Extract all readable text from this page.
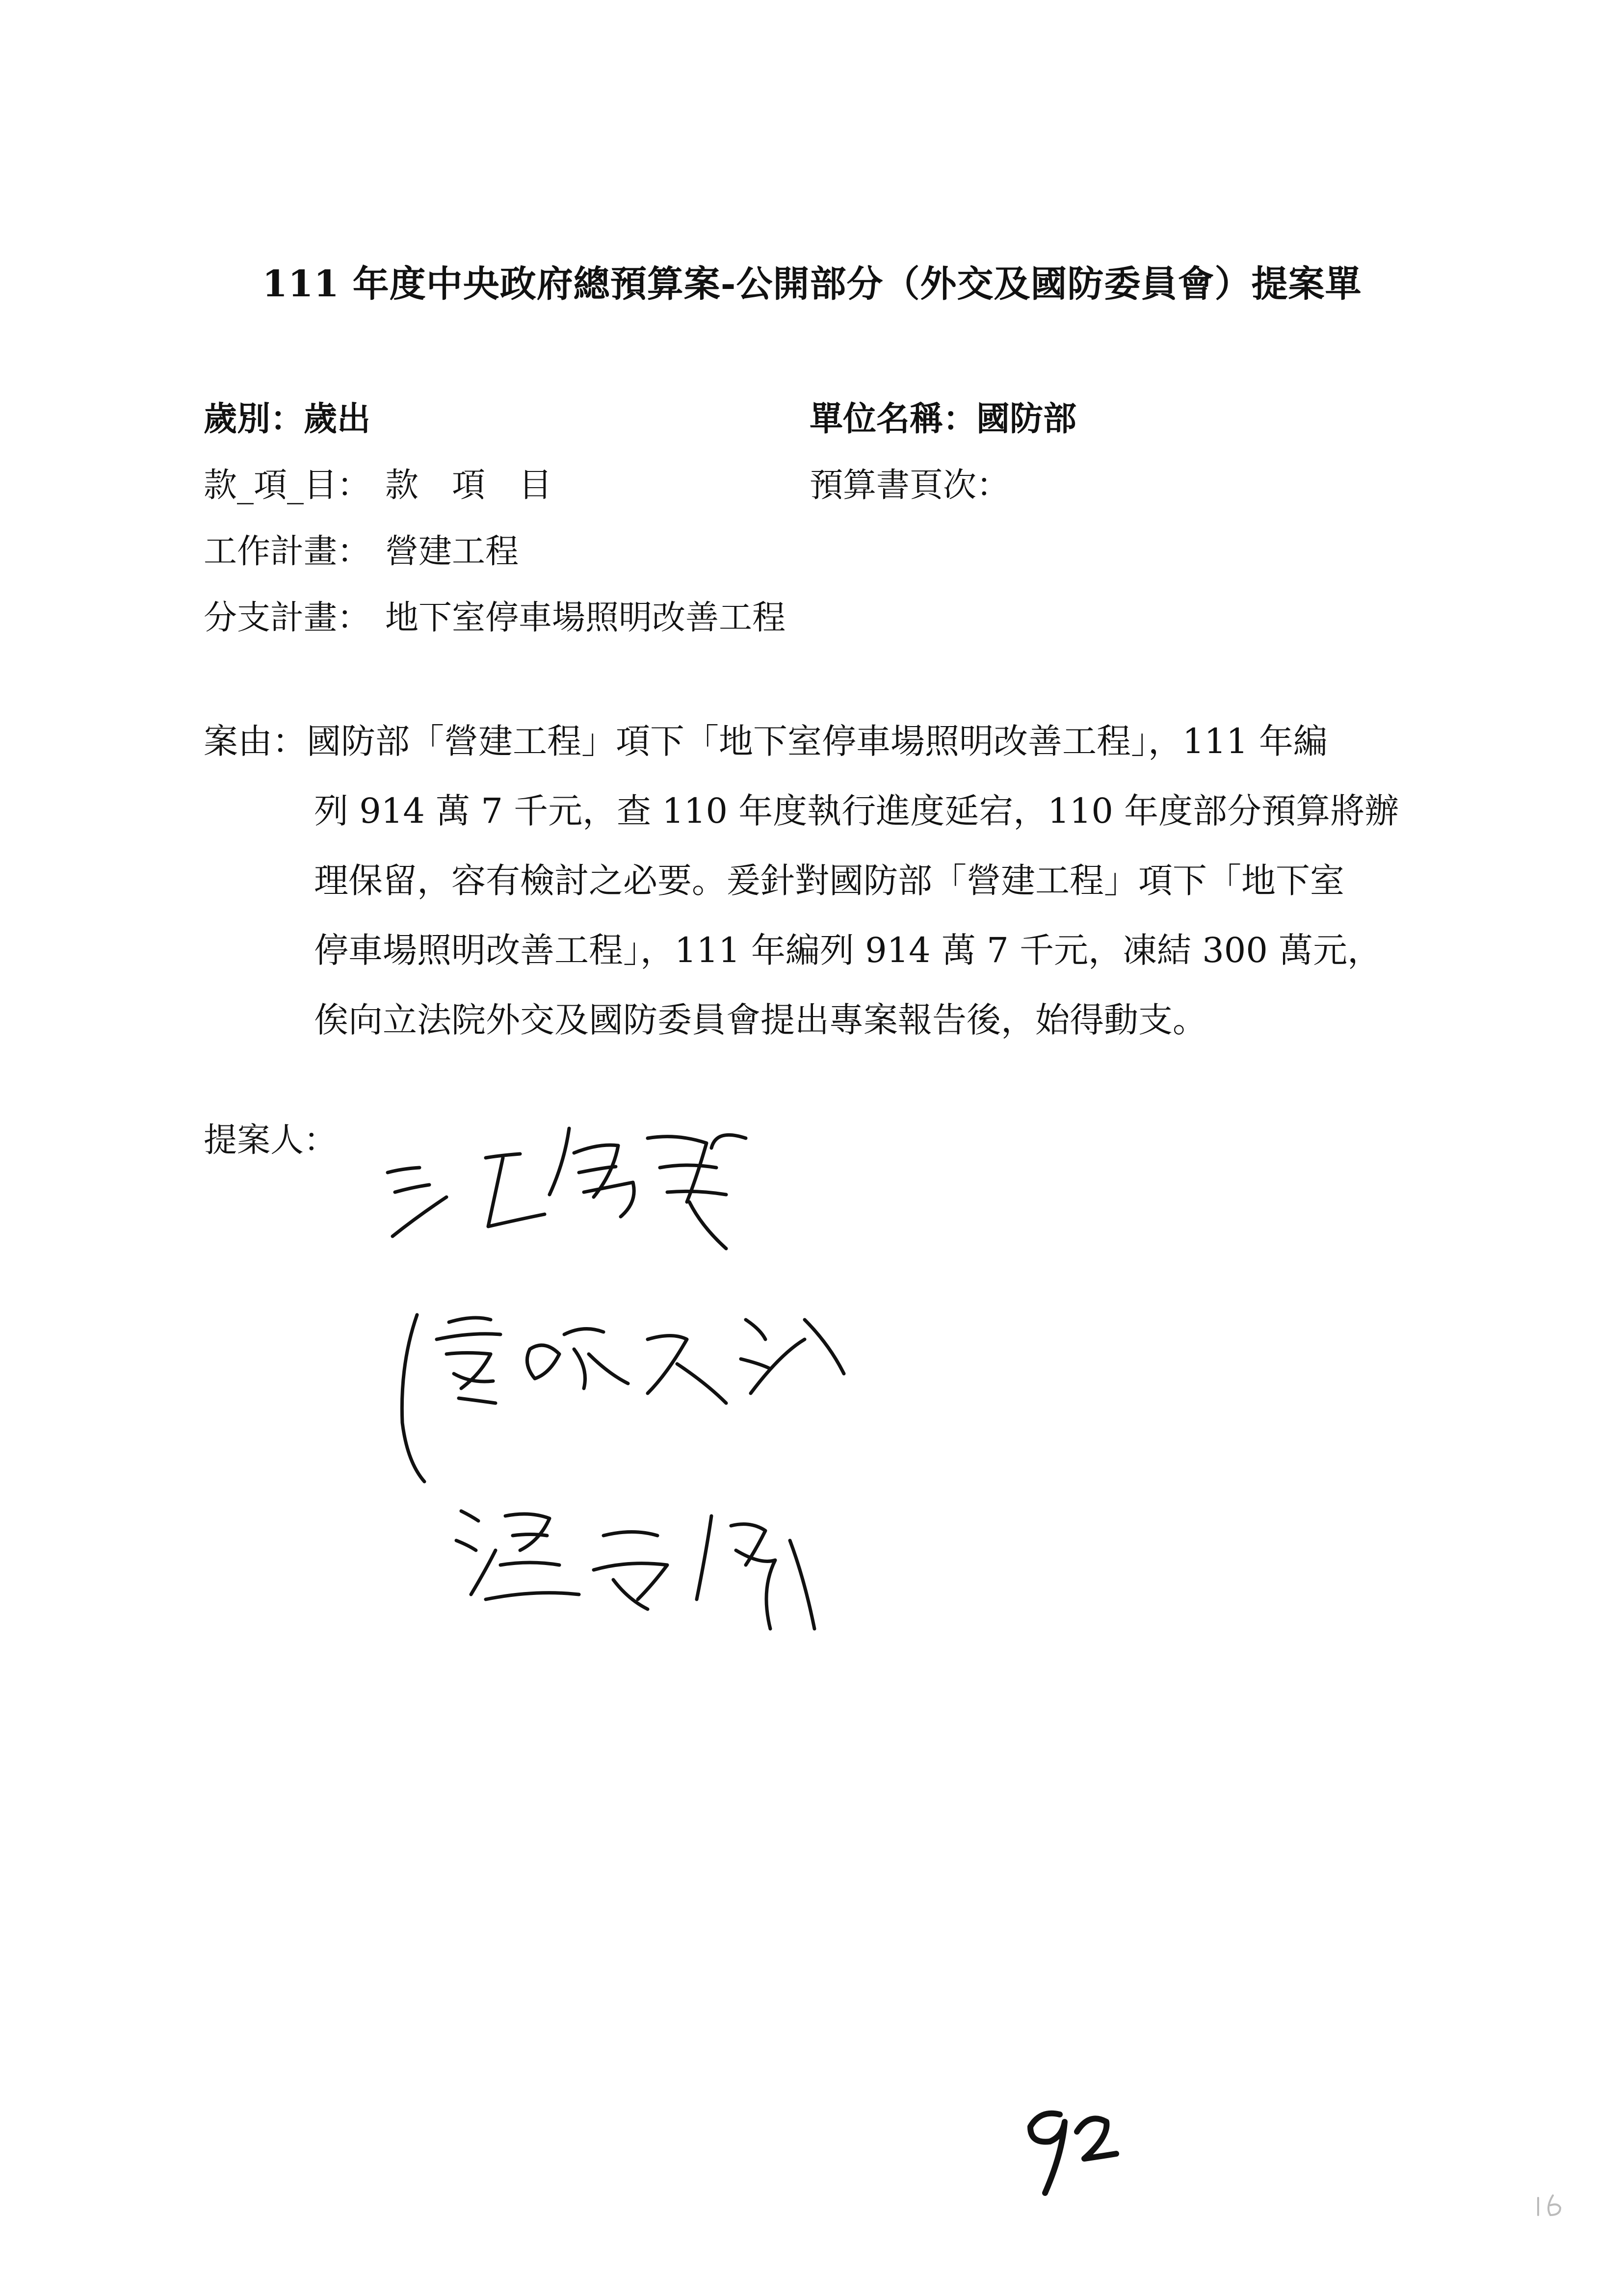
111 年度中央政府總預算案-公開部分（外交及國防委員會）提案單
歲別：歲出	單位名稱：國防部
款_項_目： 款　項　目	預算書頁次：
工作計畫： 營建工程
分支計畫： 地下室停車場照明改善工程
案由：國防部「營建工程」項下「地下室停車場照明改善工程」，111 年編
列 914 萬 7 千元，查 110 年度執行進度延宕，110 年度部分預算將辦
理保留，容有檢討之必要。爰針對國防部「營建工程」項下「地下室
停車場照明改善工程」，111 年編列 914 萬 7 千元，凍結 300 萬元，
俟向立法院外交及國防委員會提出專案報告後，始得動支。
提案人：
